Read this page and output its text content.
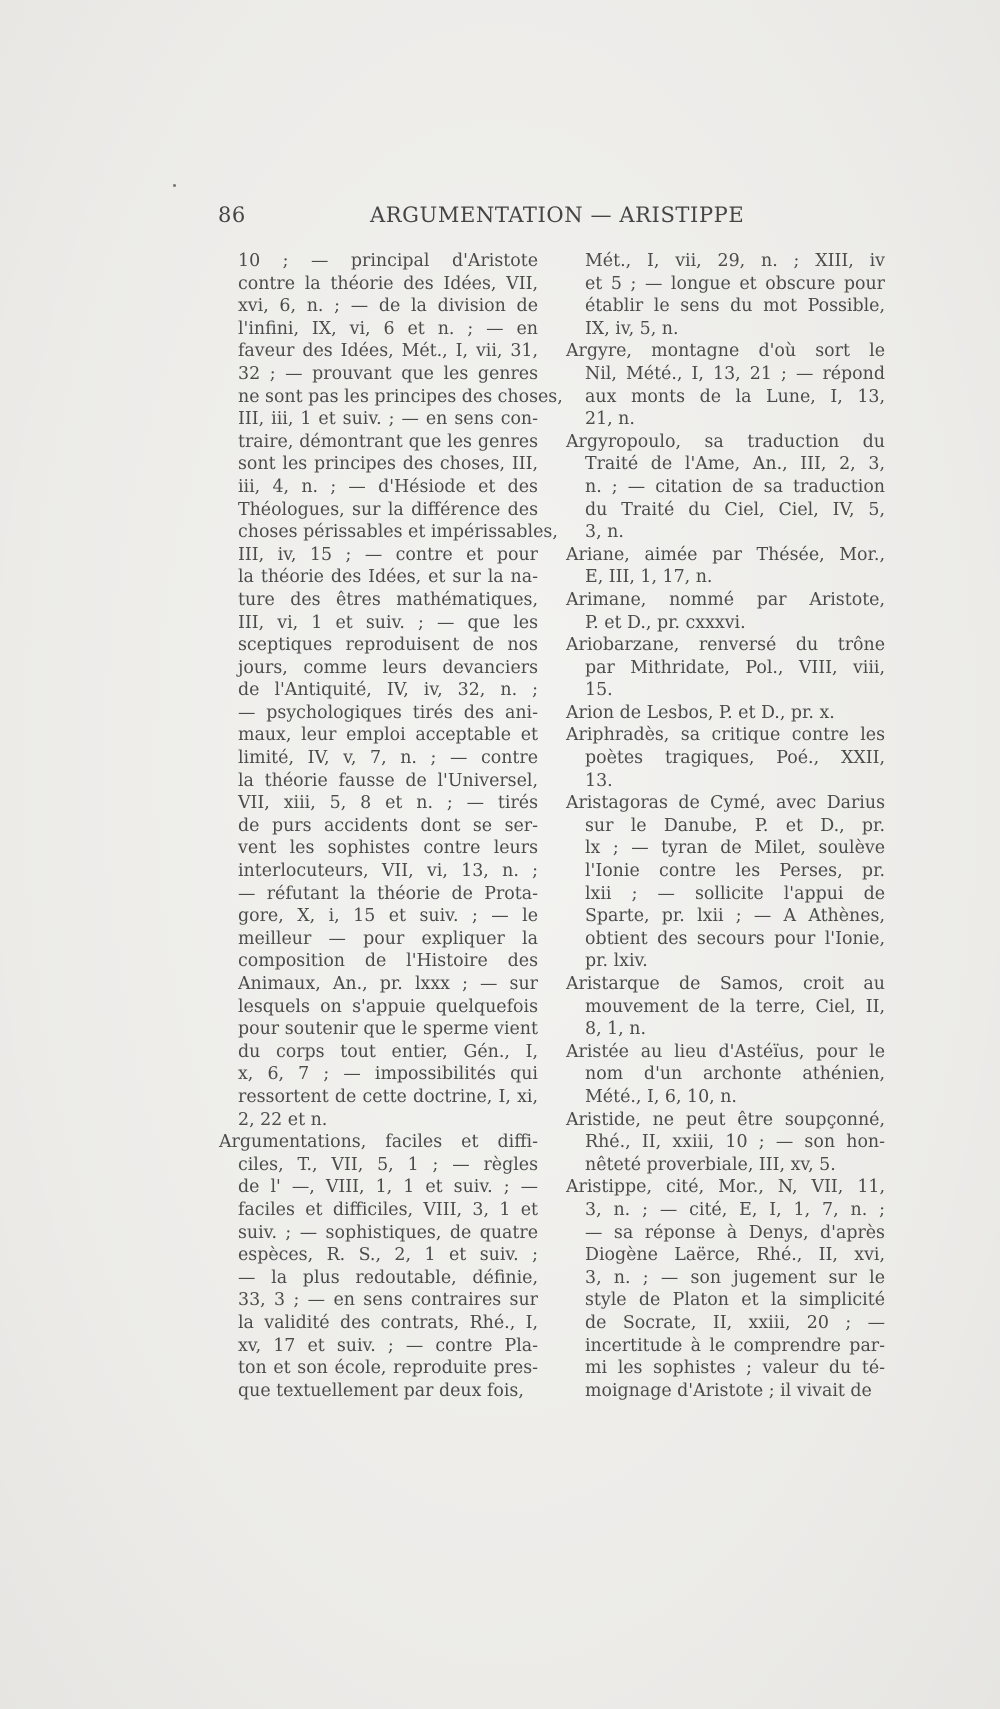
86	ARGUMENTATION — ARISTIPPE
10 ; — principal d'Aristote
contre la théorie des Idées, VII,
xvi, 6, n. ; — de la division de
l'infini, IX, vi, 6 et n. ; — en
faveur des Idées, Mét., I, vii, 31,
32 ; — prouvant que les genres
ne sont pas les principes des choses,
III, iii, 1 et suiv. ; — en sens con-
traire, démontrant que les genres
sont les principes des choses, III,
iii, 4, n. ; — d'Hésiode et des
Théologues, sur la différence des
choses périssables et impérissables,
III, iv, 15 ; — contre et pour
la théorie des Idées, et sur la na-
ture des êtres mathématiques,
III, vi, 1 et suiv. ; — que les
sceptiques reproduisent de nos
jours, comme leurs devanciers
de l'Antiquité, IV, iv, 32, n. ;
— psychologiques tirés des ani-
maux, leur emploi acceptable et
limité, IV, v, 7, n. ; — contre
la théorie fausse de l'Universel,
VII, xiii, 5, 8 et n. ; — tirés
de purs accidents dont se ser-
vent les sophistes contre leurs
interlocuteurs, VII, vi, 13, n. ;
— réfutant la théorie de Prota-
gore, X, i, 15 et suiv. ; — le
meilleur — pour expliquer la
composition de l'Histoire des
Animaux, An., pr. lxxx ; — sur
lesquels on s'appuie quelquefois
pour soutenir que le sperme vient
du corps tout entier, Gén., I,
x, 6, 7 ; — impossibilités qui
ressortent de cette doctrine, I, xi,
2, 22 et n.
Argumentations, faciles et diffi-
ciles, T., VII, 5, 1 ; — règles
de l' —, VIII, 1, 1 et suiv. ; —
faciles et difficiles, VIII, 3, 1 et
suiv. ; — sophistiques, de quatre
espèces, R. S., 2, 1 et suiv. ;
— la plus redoutable, définie,
33, 3 ; — en sens contraires sur
la validité des contrats, Rhé., I,
xv, 17 et suiv. ; — contre Pla-
ton et son école, reproduite pres-
que textuellement par deux fois,
Mét., I, vii, 29, n. ; XIII, iv
et 5 ; — longue et obscure pour
établir le sens du mot Possible,
IX, iv, 5, n.
Argyre, montagne d'où sort le
Nil, Mété., I, 13, 21 ; — répond
aux monts de la Lune, I, 13,
21, n.
Argyropoulo, sa traduction du
Traité de l'Ame, An., III, 2, 3,
n. ; — citation de sa traduction
du Traité du Ciel, Ciel, IV, 5,
3, n.
Ariane, aimée par Thésée, Mor.,
E, III, 1, 17, n.
Arimane, nommé par Aristote,
P. et D., pr. cxxxvi.
Ariobarzane, renversé du trône
par Mithridate, Pol., VIII, viii,
15.
Arion de Lesbos, P. et D., pr. x.
Ariphradès, sa critique contre les
poètes tragiques, Poé., XXII,
13.
Aristagoras de Cymé, avec Darius
sur le Danube, P. et D., pr.
lx ; — tyran de Milet, soulève
l'Ionie contre les Perses, pr.
lxii ; — sollicite l'appui de
Sparte, pr. lxii ; — A Athènes,
obtient des secours pour l'Ionie,
pr. lxiv.
Aristarque de Samos, croit au
mouvement de la terre, Ciel, II,
8, 1, n.
Aristée au lieu d'Astéïus, pour le
nom d'un archonte athénien,
Mété., I, 6, 10, n.
Aristide, ne peut être soupçonné,
Rhé., II, xxiii, 10 ; — son hon-
nêteté proverbiale, III, xv, 5.
Aristippe, cité, Mor., N, VII, 11,
3, n. ; — cité, E, I, 1, 7, n. ;
— sa réponse à Denys, d'après
Diogène Laërce, Rhé., II, xvi,
3, n. ; — son jugement sur le
style de Platon et la simplicité
de Socrate, II, xxiii, 20 ; —
incertitude à le comprendre par-
mi les sophistes ; valeur du té-
moignage d'Aristote ; il vivait de
